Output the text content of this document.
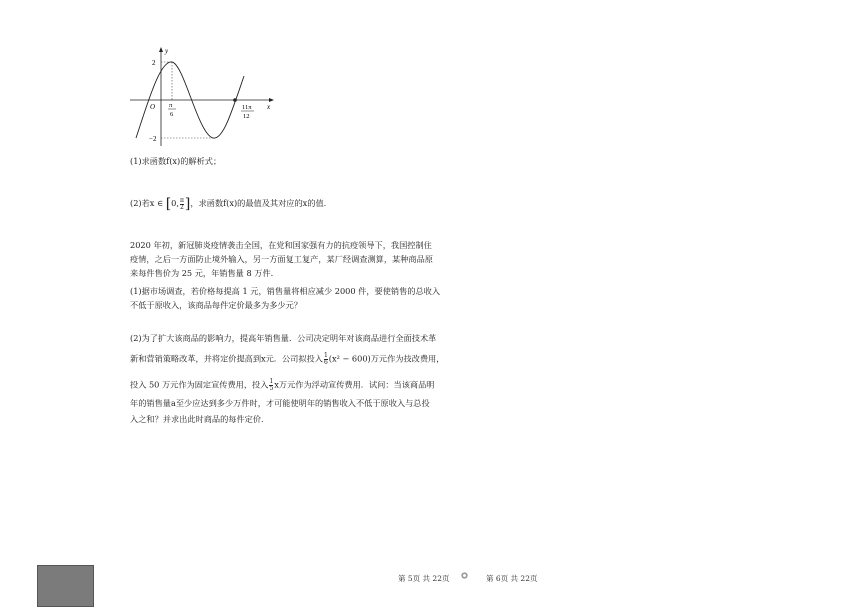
y
x
O
2
−2
π
6
11π
12
(1)求函数f(x)的解析式；
(2)若x ∈ [0, $\frac{\pi}{2}$ ]，求函数f(x)的最值及其对应的x的值.
2020 年初，新冠肺炎疫情袭击全国，在党和国家强有力的抗疫领导下，我国控制住
疫情，之后一方面防止境外输入，另一方面复工复产，某厂经调查测算，某种商品原
来每件售价为 25 元，年销售量 8 万件.
(1)据市场调查，若价格每提高 1 元，销售量将相应减少 2000 件，要使销售的总收入
不低于原收入，该商品每件定价最多为多少元？
(2)为了扩大该商品的影响力，提高年销售量．公司决定明年对该商品进行全面技术革
新和营销策略改革，并将定价提高到x元．公司拟投入 $\frac{1}{6} (x^2 - 600)$万元作为技改费用，
投入 50 万元作为固定宣传费用，投入 $\frac{1}{5}$ x万元作为浮动宣传费用．试问：当该商品明
年的销售量a至少应达到多少万件时，才可能使明年的销售收入不低于原收入与总投
入之和？并求出此时商品的每件定价.
第 5页 共 22页	第 6页 共 22页
